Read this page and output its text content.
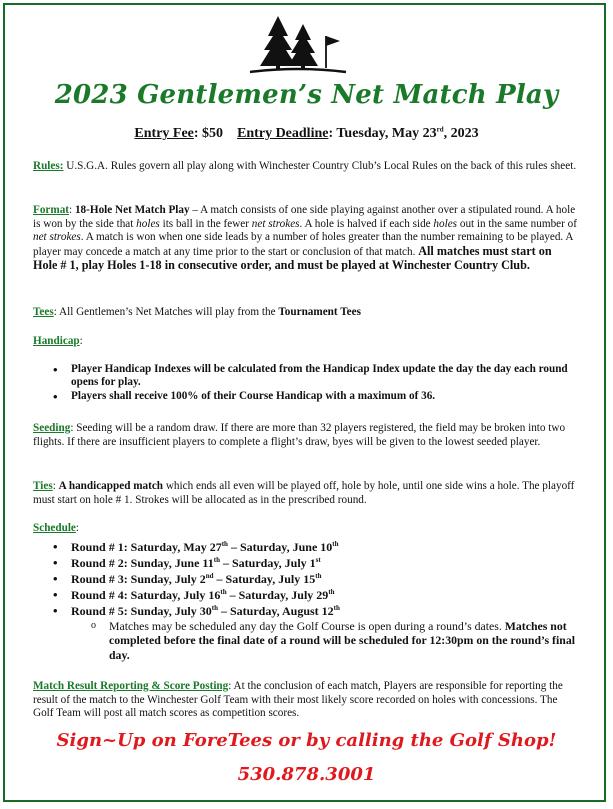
2023 Gentlemen’s Net Match Play
Entry Fee: $50 Entry Deadline: Tuesday, May 23rd, 2023
Rules: U.S.G.A. Rules govern all play along with Winchester Country Club’s Local Rules on the back of this rules sheet.
Format: 18-Hole Net Match Play – A match consists of one side playing against another over a stipulated round. A hole is won by the side that holes its ball in the fewer net strokes. A hole is halved if each side holes out in the same number of net strokes. A match is won when one side leads by a number of holes greater than the number remaining to be played. A player may concede a match at any time prior to the start or conclusion of that match. All matches must start on Hole # 1, play Holes 1-18 in consecutive order, and must be played at Winchester Country Club.
Tees: All Gentlemen’s Net Matches will play from the Tournament Tees
Handicap:
• Player Handicap Indexes will be calculated from the Handicap Index update the day the day each round opens for play.
• Players shall receive 100% of their Course Handicap with a maximum of 36.
Seeding: Seeding will be a random draw. If there are more than 32 players registered, the field may be broken into two flights. If there are insufficient players to complete a flight’s draw, byes will be given to the lowest seeded player.
Ties: A handicapped match which ends all even will be played off, hole by hole, until one side wins a hole. The playoff must start on hole # 1. Strokes will be allocated as in the prescribed round.
Schedule:
• Round # 1: Saturday, May 27th – Saturday, June 10th
• Round # 2: Sunday, June 11th – Saturday, July 1st
• Round # 3: Sunday, July 2nd – Saturday, July 15th
• Round # 4: Saturday, July 16th – Saturday, July 29th
• Round # 5: Sunday, July 30th – Saturday, August 12th
o Matches may be scheduled any day the Golf Course is open during a round’s dates. Matches not completed before the final date of a round will be scheduled for 12:30pm on the round’s final day.
Match Result Reporting & Score Posting: At the conclusion of each match, Players are responsible for reporting the result of the match to the Winchester Golf Team with their most likely score recorded on holes with concessions. The Golf Team will post all match scores as competition scores.
Sign~Up on ForeTees or by calling the Golf Shop!
530.878.3001
